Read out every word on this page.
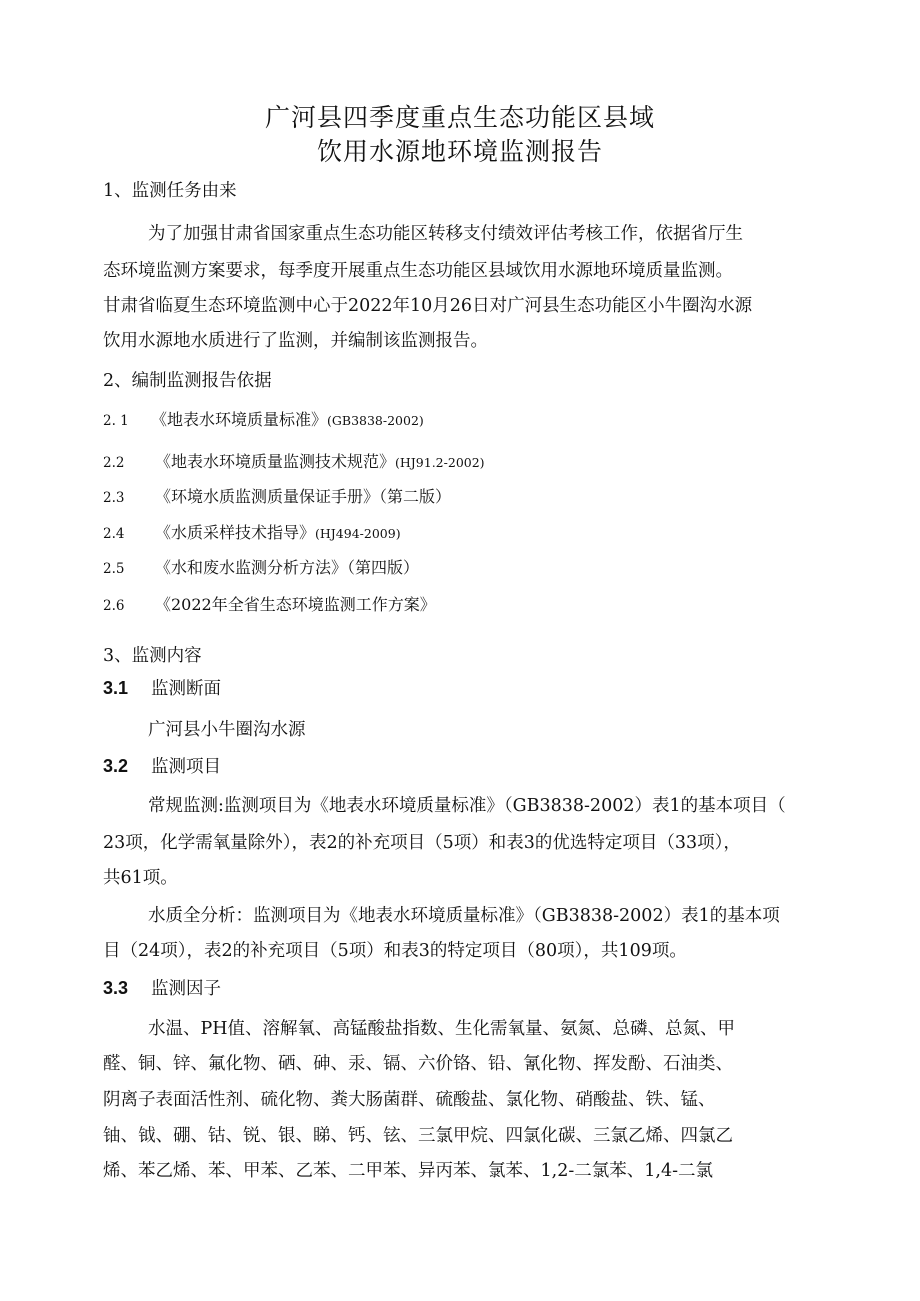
广河县四季度重点生态功能区县域
饮用水源地环境监测报告
1、监测任务由来
为了加强甘肃省国家重点生态功能区转移支付绩效评估考核工作，依据省厅生
态环境监测方案要求，每季度开展重点生态功能区县域饮用水源地环境质量监测。
甘肃省临夏生态环境监测中心于2022年10月26日对广河县生态功能区小牛圈沟水源
饮用水源地水质进行了监测，并编制该监测报告。
2、编制监测报告依据
2. 1 《地表水环境质量标准》(GB3838-2002)
2.2 《地表水环境质量监测技术规范》(HJ91.2-2002)
2.3 《环境水质监测质量保证手册》（第二版）
2.4 《水质采样技术指导》(HJ494-2009)
2.5 《水和废水监测分析方法》（第四版）
2.6 《2022年全省生态环境监测工作方案》
3、监测内容
3.1 监测断面
广河县小牛圈沟水源
3.2 监测项目
常规监测:监测项目为《地表水环境质量标准》（GB3838-2002）表1的基本项目（
23项，化学需氧量除外），表2的补充项目（5项）和表3的优选特定项目（33项），
共61项。
水质全分析：监测项目为《地表水环境质量标准》（GB3838-2002）表1的基本项
目（24项），表2的补充项目（5项）和表3的特定项目（80项），共109项。
3.3 监测因子
水温、PH值、溶解氧、高锰酸盐指数、生化需氧量、氨氮、总磷、总氮、甲
醛、铜、锌、氟化物、硒、砷、汞、镉、六价铬、铅、氰化物、挥发酚、石油类、
阴离子表面活性剂、硫化物、粪大肠菌群、硫酸盐、氯化物、硝酸盐、铁、锰、
铀、钺、硼、钴、锐、银、睇、钙、铉、三氯甲烷、四氯化碳、三氯乙烯、四氯乙
烯、苯乙烯、苯、甲苯、乙苯、二甲苯、异丙苯、氯苯、1,2-二氯苯、1,4-二氯
